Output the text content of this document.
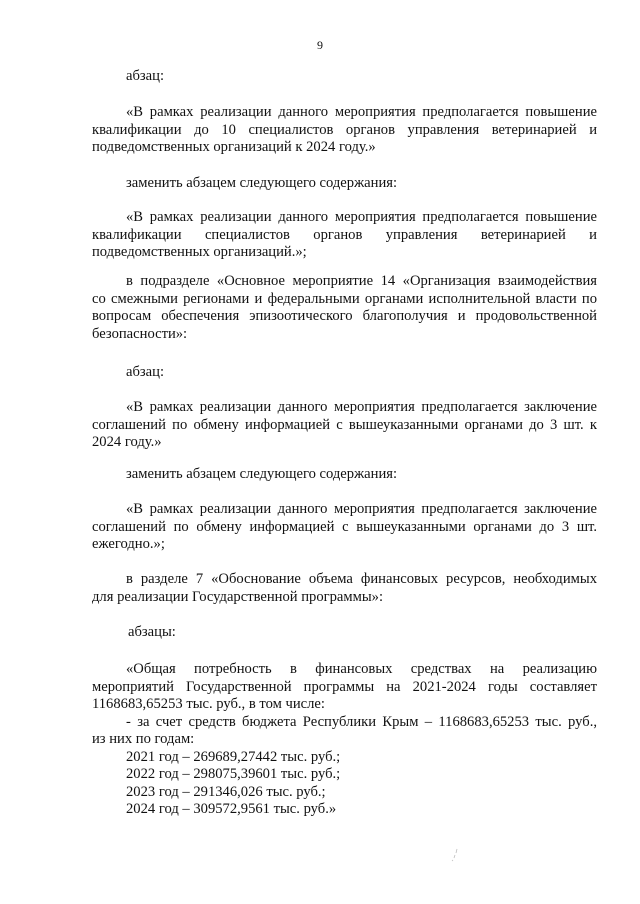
9
абзац:
«В рамках реализации данного мероприятия предполагается повышение
квалификации до 10 специалистов органов управления ветеринарией и
подведомственных организаций к 2024 году.»
заменить абзацем следующего содержания:
«В рамках реализации данного мероприятия предполагается повышение
квалификации специалистов органов управления ветеринарией и
подведомственных организаций.»;
в подразделе «Основное мероприятие 14 «Организация взаимодействия
со смежными регионами и федеральными органами исполнительной власти по
вопросам обеспечения эпизоотического благополучия и продовольственной
безопасности»:
абзац:
«В рамках реализации данного мероприятия предполагается заключение
соглашений по обмену информацией с вышеуказанными органами до 3 шт. к
2024 году.»
заменить абзацем следующего содержания:
«В рамках реализации данного мероприятия предполагается заключение
соглашений по обмену информацией с вышеуказанными органами до 3 шт.
ежегодно.»;
в разделе 7 «Обоснование объема финансовых ресурсов, необходимых
для реализации Государственной программы»:
абзацы:
«Общая потребность в финансовых средствах на реализацию
мероприятий Государственной программы на 2021-2024 годы составляет
1168683,65253 тыс. руб., в том числе:
- за счет средств бюджета Республики Крым – 1168683,65253 тыс. руб.,
из них по годам:
2021 год – 269689,27442 тыс. руб.;
2022 год – 298075,39601 тыс. руб.;
2023 год – 291346,026 тыс. руб.;
2024 год – 309572,9561 тыс. руб.»
